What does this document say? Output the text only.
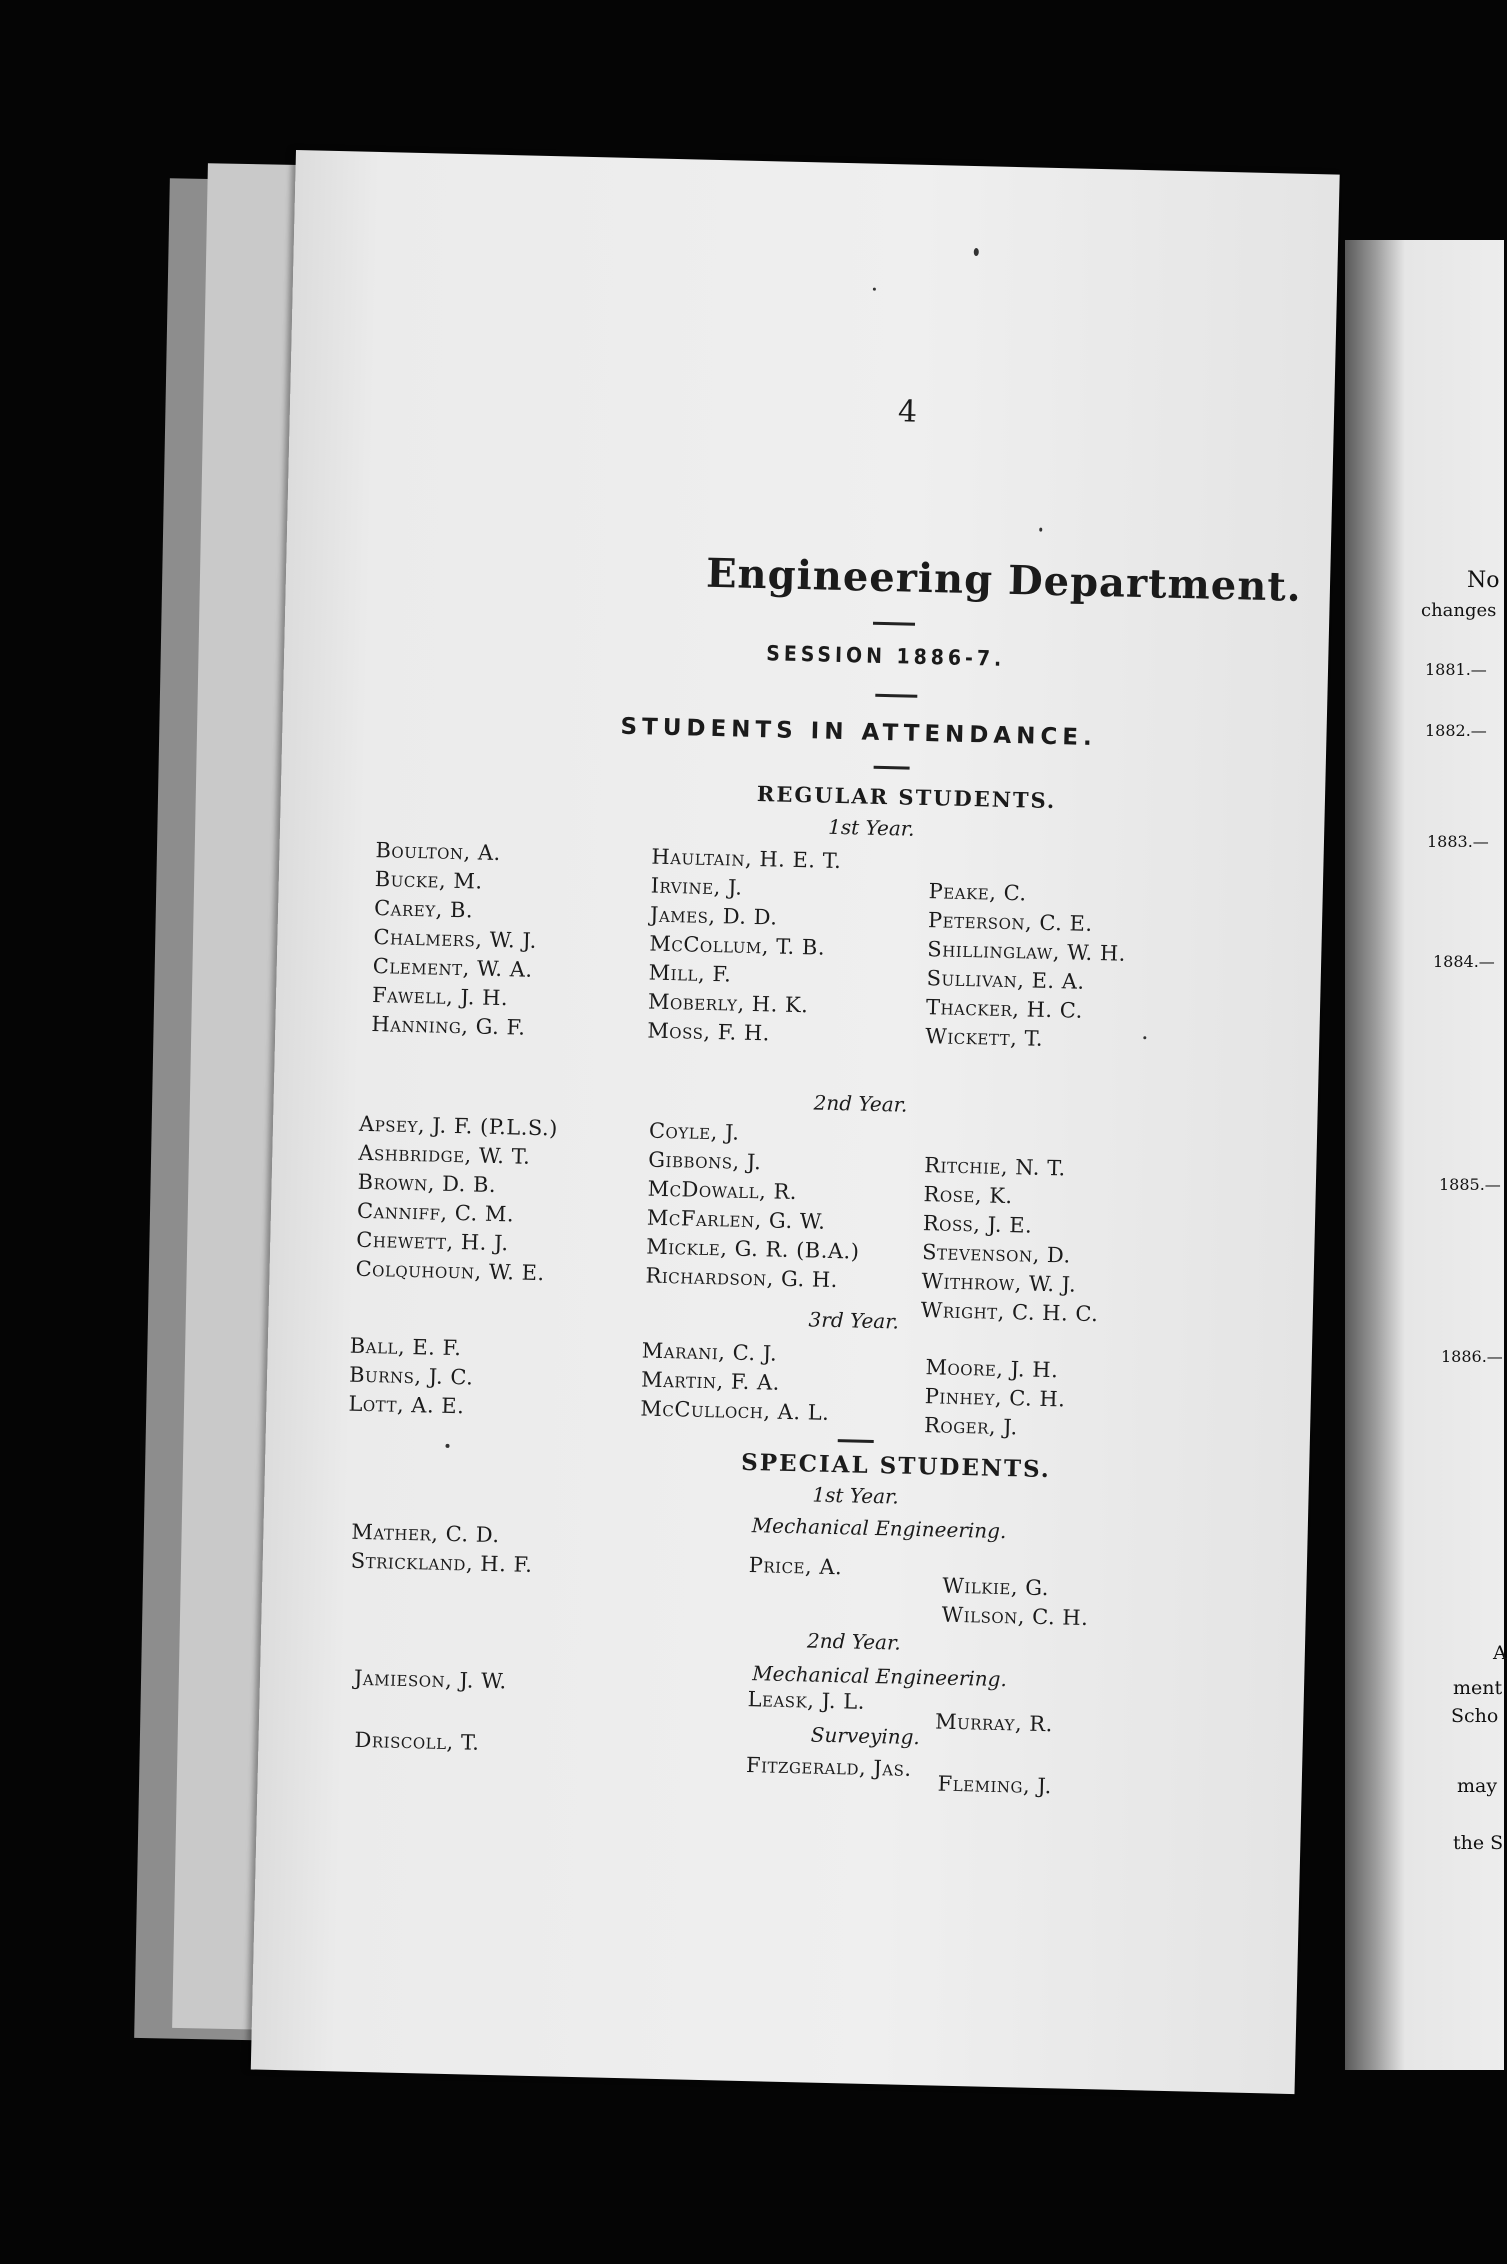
No
changes
1881.—
1882.—
1883.—
1884.—
1885.—
1886.—
A
ment
Scho
may
the S
4
Engineering Department.
SESSION 1886-7.
STUDENTS IN ATTENDANCE.
REGULAR STUDENTS.
1st Year.
Boulton, A.
Bucke, M.
Carey, B.
Chalmers, W. J.
Clement, W. A.
Fawell, J. H.
Hanning, G. F.
Haultain, H. E. T.
Irvine, J.
James, D. D.
McCollum, T. B.
Mill, F.
Moberly, H. K.
Moss, F. H.
Peake, C.
Peterson, C. E.
Shillinglaw, W. H.
Sullivan, E. A.
Thacker, H. C.
Wickett, T.
2nd Year.
Apsey, J. F. (P.L.S.)
Ashbridge, W. T.
Brown, D. B.
Canniff, C. M.
Chewett, H. J.
Colquhoun, W. E.
Coyle, J.
Gibbons, J.
McDowall, R.
McFarlen, G. W.
Mickle, G. R. (B.A.)
Richardson, G. H.
Ritchie, N. T.
Rose, K.
Ross, J. E.
Stevenson, D.
Withrow, W. J.
Wright, C. H. C.
3rd Year.
Ball, E. F.
Burns, J. C.
Lott, A. E.
Marani, C. J.
Martin, F. A.
McCulloch, A. L.
Moore, J. H.
Pinhey, C. H.
Roger, J.
SPECIAL STUDENTS.
1st Year.
Mechanical Engineering.
Mather, C. D.
Strickland, H. F.	Price, A.
Wilkie, G.
Wilson, C. H.
2nd Year.
Mechanical Engineering.
Jamieson, J. W.
Leask, J. L.
Murray, R.
Surveying.
Driscoll, T.
Fitzgerald, Jas.
Fleming, J.
